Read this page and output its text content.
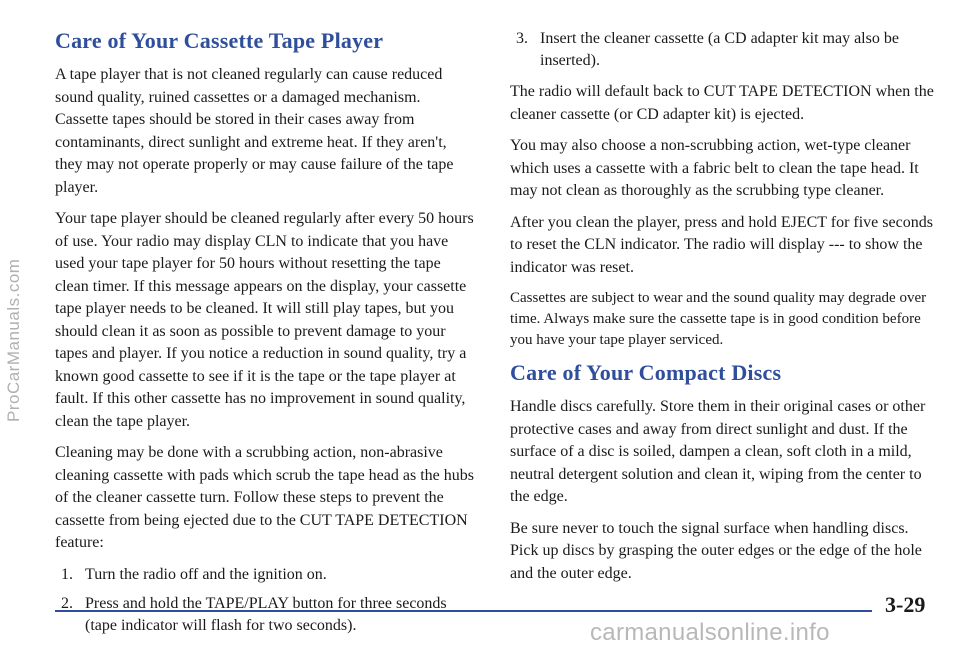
ProCarManuals.com
Care of Your Cassette Tape Player

A tape player that is not cleaned regularly can cause reduced sound quality, ruined cassettes or a damaged mechanism. Cassette tapes should be stored in their cases away from contaminants, direct sunlight and extreme heat. If they aren't, they may not operate properly or may cause failure of the tape player.

Your tape player should be cleaned regularly after every 50 hours of use. Your radio may display CLN to indicate that you have used your tape player for 50 hours without resetting the tape clean timer. If this message appears on the display, your cassette tape player needs to be cleaned. It will still play tapes, but you should clean it as soon as possible to prevent damage to your tapes and player. If you notice a reduction in sound quality, try a known good cassette to see if it is the tape or the tape player at fault. If this other cassette has no improvement in sound quality, clean the tape player.

Cleaning may be done with a scrubbing action, non-abrasive cleaning cassette with pads which scrub the tape head as the hubs of the cleaner cassette turn. Follow these steps to prevent the cassette from being ejected due to the CUT TAPE DETECTION feature:

1. Turn the radio off and the ignition on.
2. Press and hold the TAPE/PLAY button for three seconds (tape indicator will flash for two seconds).
3. Insert the cleaner cassette (a CD adapter kit may also be inserted).

The radio will default back to CUT TAPE DETECTION when the cleaner cassette (or CD adapter kit) is ejected.

You may also choose a non-scrubbing action, wet-type cleaner which uses a cassette with a fabric belt to clean the tape head. It may not clean as thoroughly as the scrubbing type cleaner.

After you clean the player, press and hold EJECT for five seconds to reset the CLN indicator. The radio will display --- to show the indicator was reset.

Cassettes are subject to wear and the sound quality may degrade over time. Always make sure the cassette tape is in good condition before you have your tape player serviced.

Care of Your Compact Discs

Handle discs carefully. Store them in their original cases or other protective cases and away from direct sunlight and dust. If the surface of a disc is soiled, dampen a clean, soft cloth in a mild, neutral detergent solution and clean it, wiping from the center to the edge.

Be sure never to touch the signal surface when handling discs. Pick up discs by grasping the outer edges or the edge of the hole and the outer edge.

3-29
carmanualsonline.info
